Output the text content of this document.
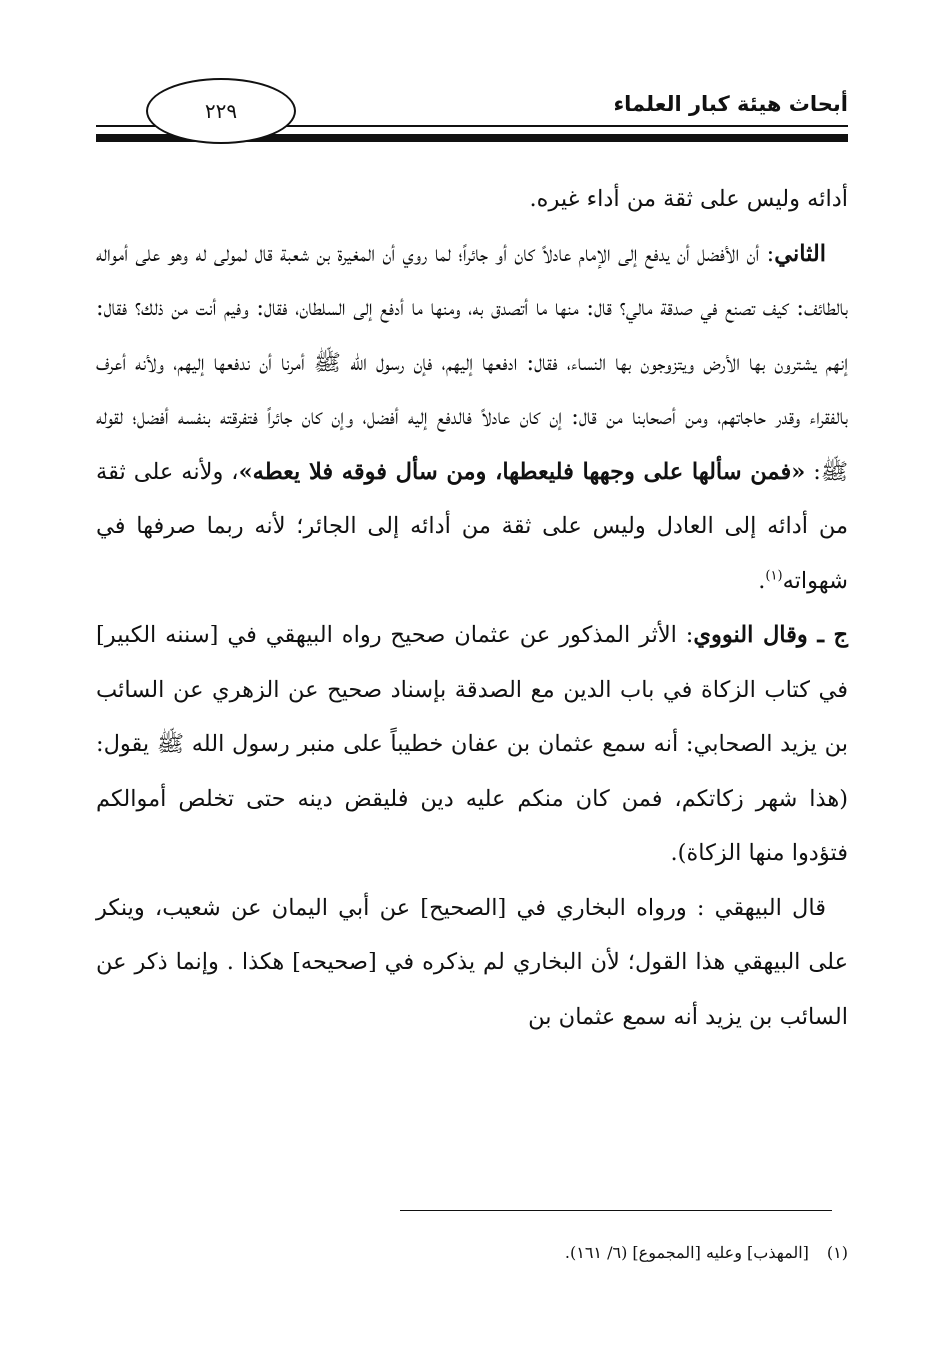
أبحاث هيئة كبار العلماء
٢٢٩

أدائه وليس على ثقة من أداء غيره.

الثاني: أن الأفضل أن يدفع إلى الإمام عادلاً كان أو جائراً؛ لما روي أن المغيرة بن شعبة قال لمولى له وهو على أمواله بالطائف: كيف تصنع في صدقة مالي؟ قال: منها ما أتصدق به، ومنها ما أدفع إلى السلطان، فقال: وفيم أنت من ذلك؟ فقال: إنهم يشترون بها الأرض ويتزوجون بها النساء، فقال: ادفعها إليهم، فإن رسول الله ﷺ أمرنا أن ندفعها إليهم، ولأنه أعرف بالفقراء وقدر حاجاتهم، ومن أصحابنا من قال: إن كان عادلاً فالدفع إليه أفضل، وإن كان جائراً فتفرقته بنفسه أفضل؛ لقوله ﷺ: «فمن سألها على وجهها فليعطها، ومن سأل فوقه فلا يعطه»، ولأنه على ثقة من أدائه إلى العادل وليس على ثقة من أدائه إلى الجائر؛ لأنه ربما صرفها في شهواته$^{(١)}$.

ج ـ وقال النووي: الأثر المذكور عن عثمان صحيح رواه البيهقي في [سننه الكبير] في كتاب الزكاة في باب الدين مع الصدقة بإسناد صحيح عن الزهري عن السائب بن يزيد الصحابي: أنه سمع عثمان بن عفان خطيباً على منبر رسول الله ﷺ يقول: (هذا شهر زكاتكم، فمن كان منكم عليه دين فليقض دينه حتى تخلص أموالكم فتؤدوا منها الزكاة).

قال البيهقي : ورواه البخاري في [الصحيح] عن أبي اليمان عن شعيب، وينكر على البيهقي هذا القول؛ لأن البخاري لم يذكره في [صحيحه] هكذا . وإنما ذكر عن السائب بن يزيد أنه سمع عثمان بن

(١)[المهذب] وعليه [المجموع] (٦/ ١٦١).
